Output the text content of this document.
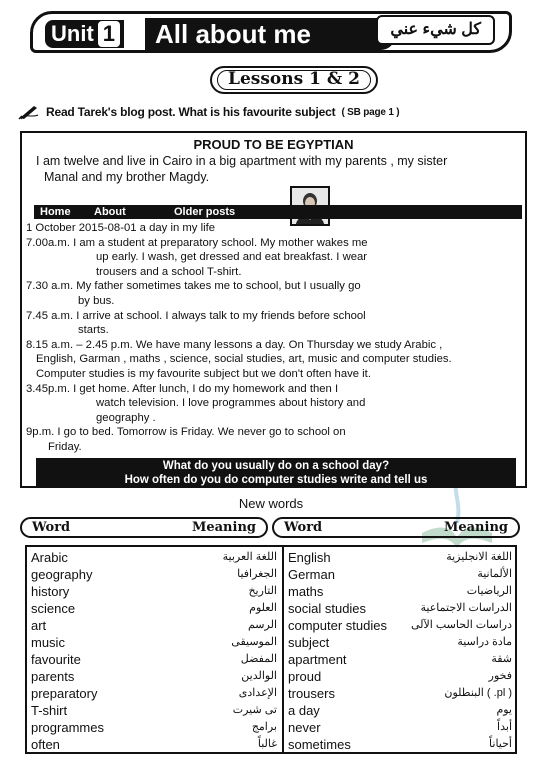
Unit 1	All about me	كل شيء عني
Lessons 1 & 2
Read Tarek's blog post. What is his favourite subject ( SB page 1 )
PROUD TO BE EGYPTIAN
I am twelve and live in Cairo in a big apartment with my parents , my sister
Manal and my brother Magdy.
Home About	Older posts
1 October 2015-08-01 a day in my life
7.00a.m. I am a student at preparatory school. My mother wakes me
up early. I wash, get dressed and eat breakfast. I wear
trousers and a school T-shirt.
7.30 a.m. My father sometimes takes me to school, but I usually go
by bus.
7.45 a.m. I arrive at school. I always talk to my friends before school
starts.
8.15 a.m. – 2.45 p.m. We have many lessons a day. On Thursday we study Arabic ,
English, Garman , maths , science, social studies, art, music and computer studies.
Computer studies is my favourite subject but we don't often have it.
3.45p.m. I get home. After lunch, I do my homework and then I
watch television. I love programmes about history and
geography .
9p.m. I go to bed. Tomorrow is Friday. We never go to school on
Friday.
What do you usually do on a school day?
How often do you do computer studies write and tell us
New words
Word	Meaning Word	Meaning
Arabic	اللغة العربية
geography	الجغرافيا
history	التاريخ
science	العلوم
art	الرسم
music	الموسيقى
favourite	المفضل
parents	الوالدين
preparatory	الإعدادى
T-shirt	تى شيرت
programmes	برامج
often	غالباً
English	اللغة الانجليزية
German	الألمانية
maths	الرياضيات
social studies	الدراسات الاجتماعية
computer studies دراسات الحاسب الآلى
subject	مادة دراسية
apartment	شقة
proud	فخور
trousers	( pl. ) البنطلون
a day	يوم
never	أبداً
sometimes	أحياناً
